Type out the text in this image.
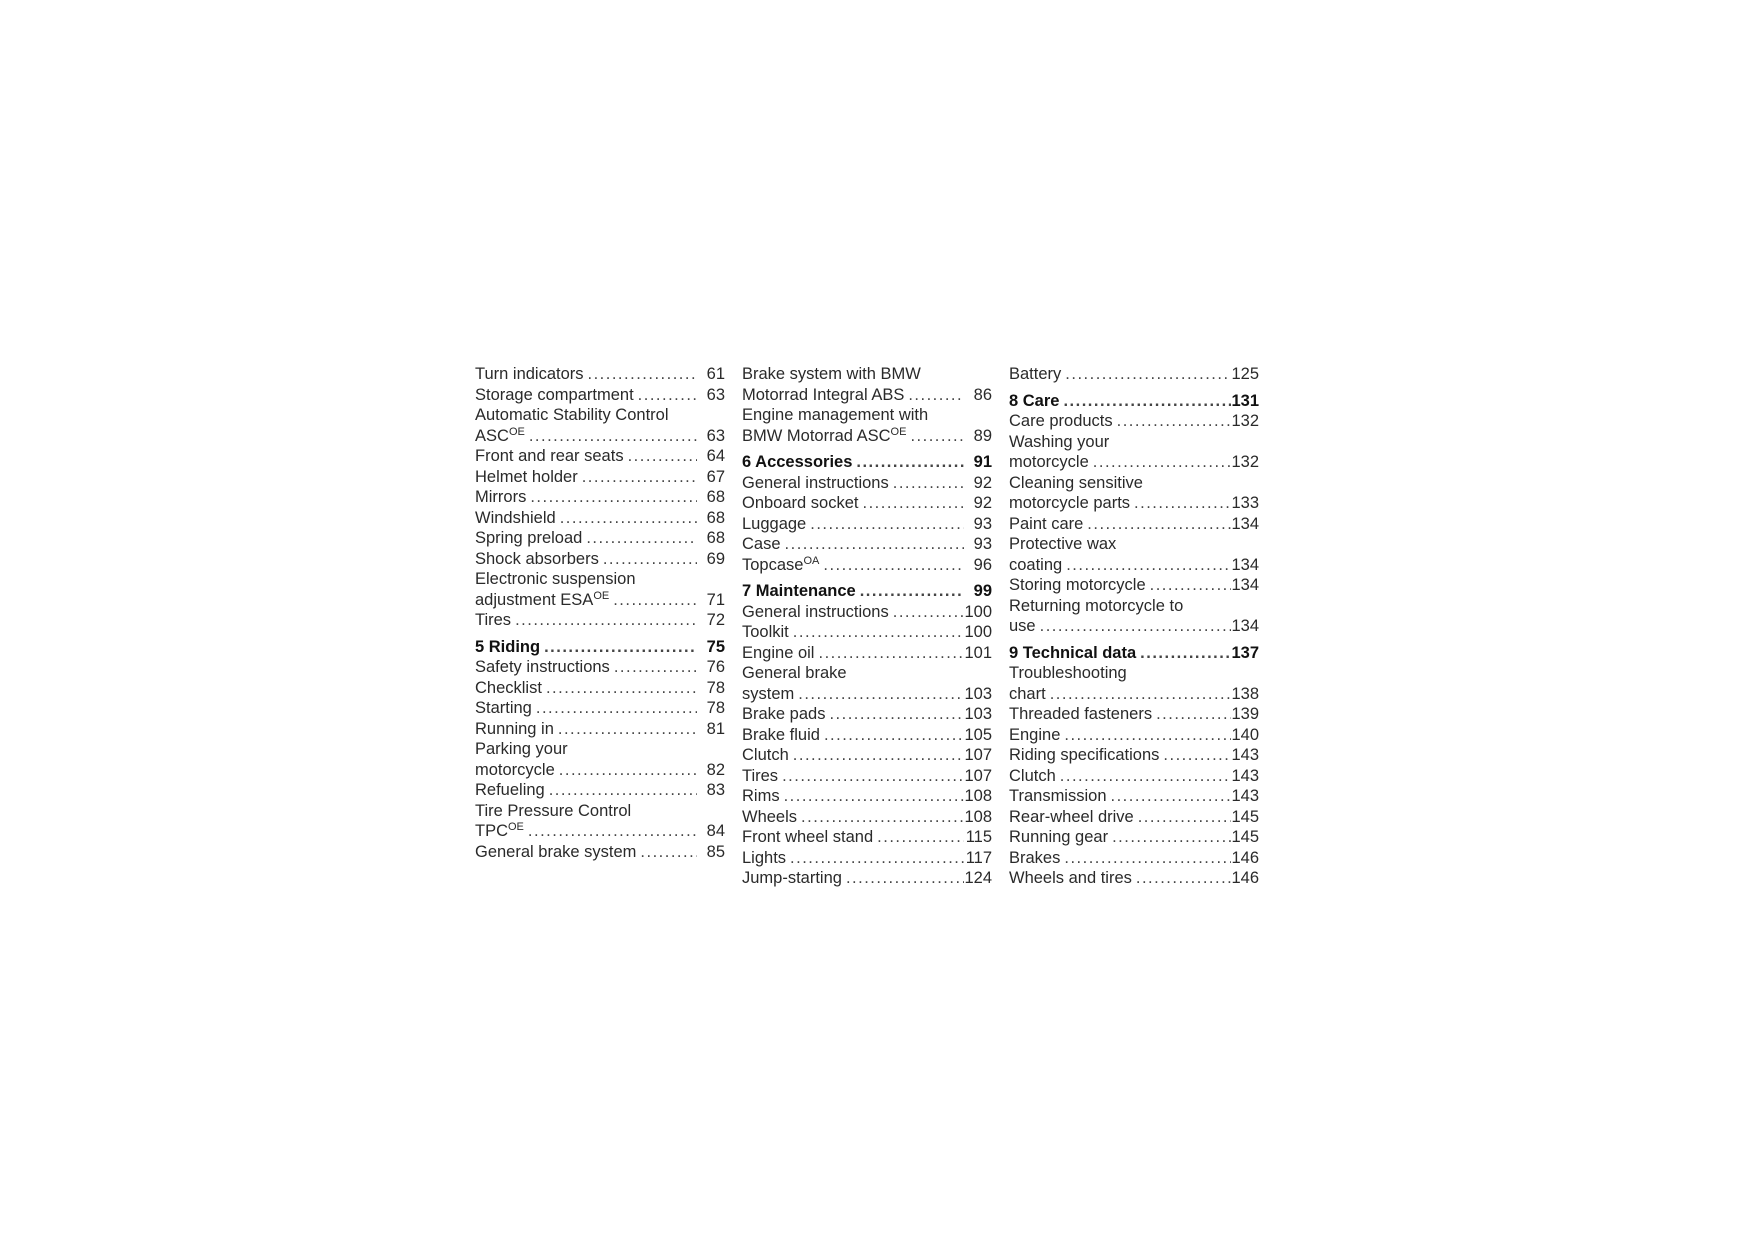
Turn indicators .....	61
Storage compartment .....	63
Automatic Stability Control
$ASC^{OE}$ .....	63
Front and rear seats .....	64
Helmet holder .....	67
Mirrors .....	68
Windshield .....	68
Spring preload .....	68
Shock absorbers .....	69
Electronic suspension
adjustment $ESA^{OE}$ .....	71
Tires .....	72
5 Riding .....	75
Safety instructions .....	76
Checklist .....	78
Starting .....	78
Running in .....	81
Parking your
motorcycle .....	82
Refueling .....	83
Tire Pressure Control
$TPC^{OE}$ .....	84
General brake system .....	85
Brake system with BMW
Motorrad Integral ABS .....	86
Engine management with
BMW Motorrad $ASC^{OE}$ .....	89
6 Accessories .....	91
General instructions .....	92
Onboard socket .....	92
Luggage .....	93
Case .....	93
Topcase$^{OA}$ .....	96
7 Maintenance .....	99
General instructions .....	100
Toolkit .....	100
Engine oil .....	101
General brake
system .....	103
Brake pads .....	103
Brake fluid .....	105
Clutch .....	107
Tires .....	107
Rims .....	108
Wheels .....	108
Front wheel stand .....	115
Lights .....	117
Jump-starting .....	124
Battery .....	125
8 Care .....	131
Care products .....	132
Washing your
motorcycle .....	132
Cleaning sensitive
motorcycle parts .....	133
Paint care .....	134
Protective wax
coating .....	134
Storing motorcycle .....	134
Returning motorcycle to
use .....	134
9 Technical data .....	137
Troubleshooting
chart .....	138
Threaded fasteners .....	139
Engine .....	140
Riding specifications .....	143
Clutch .....	143
Transmission .....	143
Rear-wheel drive .....	145
Running gear .....	145
Brakes .....	146
Wheels and tires .....	146
